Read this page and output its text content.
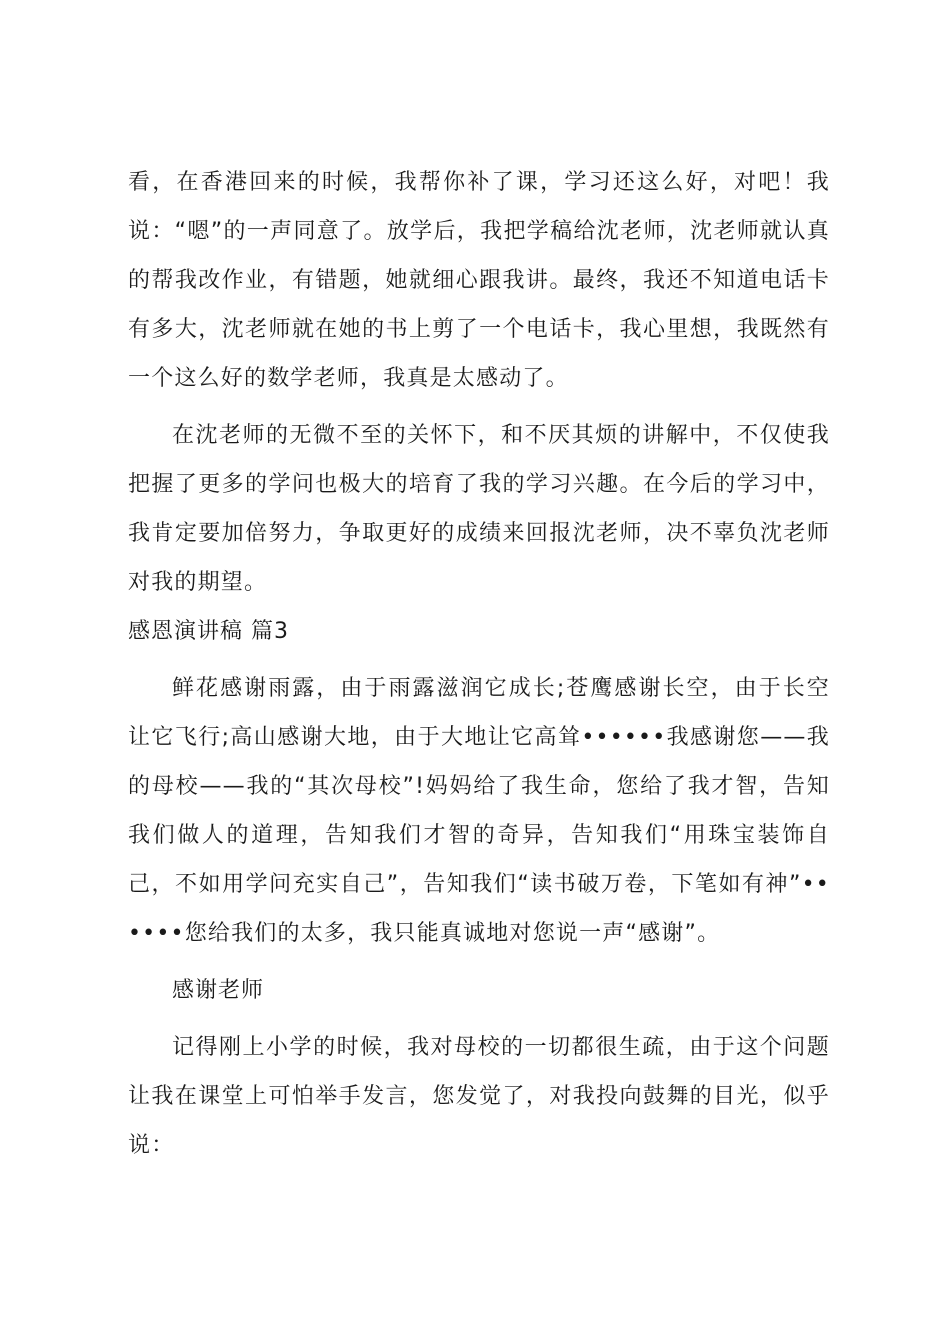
看，在香港回来的时候，我帮你补了课，学习还这么好，对吧！我说：“嗯”的一声同意了。放学后，我把学稿给沈老师，沈老师就认真的帮我改作业，有错题，她就细心跟我讲。最终，我还不知道电话卡有多大，沈老师就在她的书上剪了一个电话卡，我心里想，我既然有一个这么好的数学老师，我真是太感动了。

在沈老师的无微不至的关怀下，和不厌其烦的讲解中，不仅使我把握了更多的学问也极大的培育了我的学习兴趣。在今后的学习中，我肯定要加倍努力，争取更好的成绩来回报沈老师，决不辜负沈老师对我的期望。

感恩演讲稿 篇3

鲜花感谢雨露，由于雨露滋润它成长;苍鹰感谢长空，由于长空让它飞行;高山感谢大地，由于大地让它高耸••••••我感谢您——我的母校——我的“其次母校”!妈妈给了我生命，您给了我才智，告知我们做人的道理，告知我们才智的奇异，告知我们“用珠宝装饰自己，不如用学问充实自己”，告知我们“读书破万卷，下笔如有神”••••••您给我们的太多，我只能真诚地对您说一声“感谢”。

感谢老师

记得刚上小学的时候，我对母校的一切都很生疏，由于这个问题让我在课堂上可怕举手发言，您发觉了，对我投向鼓舞的目光，似乎说：
